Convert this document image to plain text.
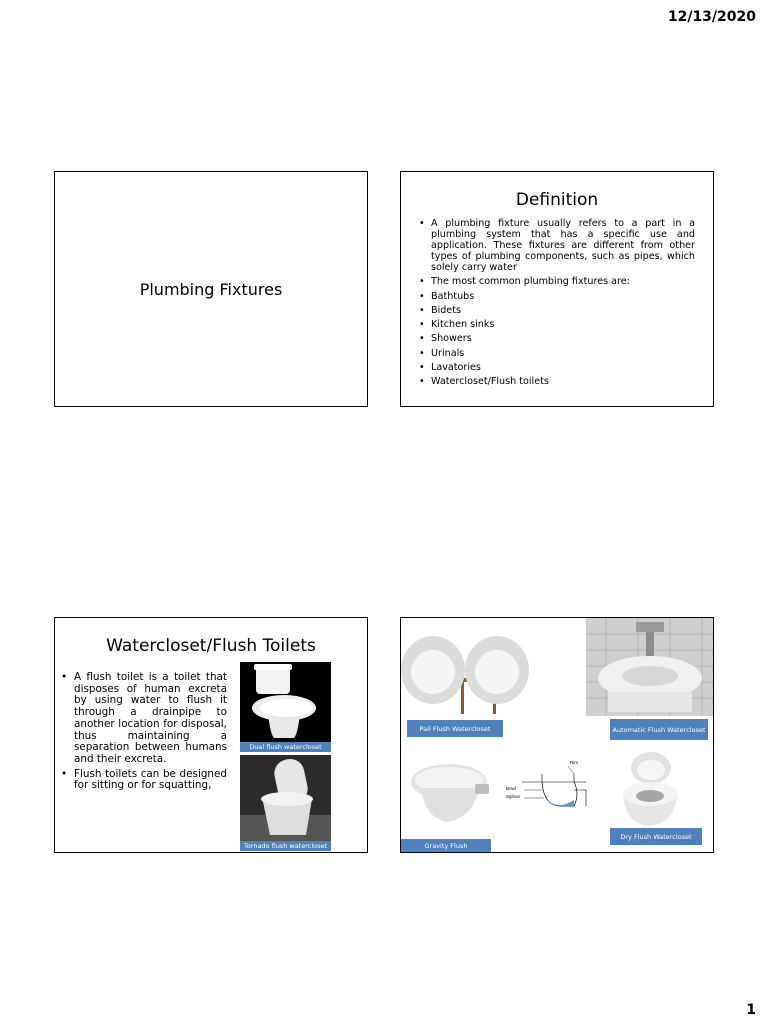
12/13/2020
Plumbing Fixtures
Definition
• A plumbing fixture usually refers to a part in a plumbing system that has a specific use and application. These fixtures are different from other types of plumbing components, such as pipes, which solely carry water
• The most common plumbing fixtures are:
• Bathtubs
• Bidets
• Kitchen sinks
• Showers
• Urinals
• Lavatories
• Watercloset/Flush toilets
Watercloset/Flush Toilets
• A flush toilet is a toilet that disposes of human excreta by using water to flush it through a drainpipe to another location for disposal, thus maintaining a separation between humans and their excreta.
• Flush toilets can be designed for sitting or for squatting,
Dual flush watercloset
Tornado flush watercloset
Pail Flush Watercloset	Automatic Flush Watercloset
Rim
Bowl
Siphon
Gravity Flush
Dry Flush Watercloset
1
